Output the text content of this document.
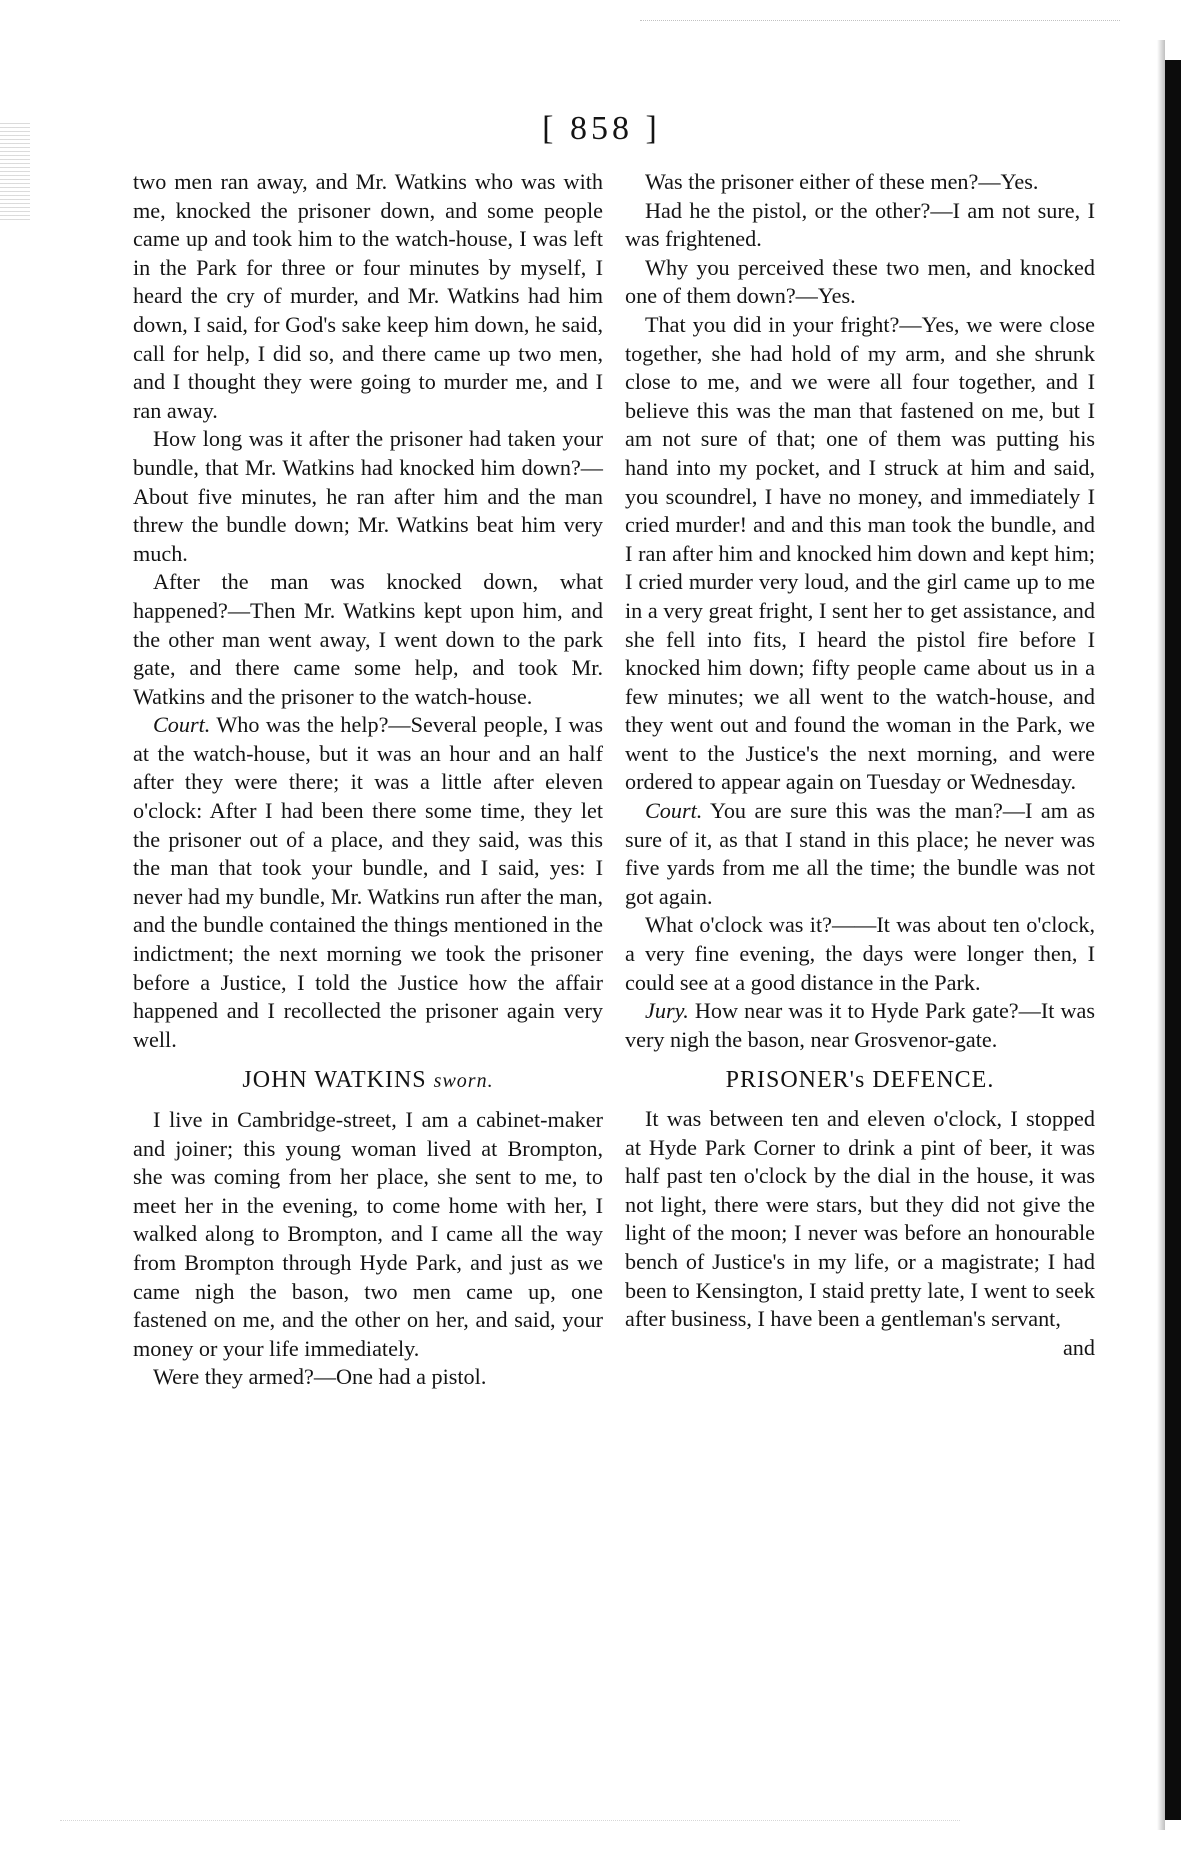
[ 858 ]

two men ran away, and Mr. Watkins who was with me, knocked the prisoner down, and some people came up and took him to the watch-house, I was left in the Park for three or four minutes by myself, I heard the cry of murder, and Mr. Watkins had him down, I said, for God's sake keep him down, he said, call for help, I did so, and there came up two men, and I thought they were going to murder me, and I ran away.

How long was it after the prisoner had taken your bundle, that Mr. Watkins had knocked him down?—About five minutes, he ran after him and the man threw the bundle down; Mr. Watkins beat him very much.

After the man was knocked down, what happened?—Then Mr. Watkins kept upon him, and the other man went away, I went down to the park gate, and there came some help, and took Mr. Watkins and the prisoner to the watch-house.

Court. Who was the help?—Several people, I was at the watch-house, but it was an hour and an half after they were there; it was a little after eleven o'clock: After I had been there some time, they let the prisoner out of a place, and they said, was this the man that took your bundle, and I said, yes: I never had my bundle, Mr. Watkins run after the man, and the bundle contained the things mentioned in the indictment; the next morning we took the prisoner before a Justice, I told the Justice how the affair happened and I recollected the prisoner again very well.

JOHN WATKINS sworn.

I live in Cambridge-street, I am a cabinet-maker and joiner; this young woman lived at Brompton, she was coming from her place, she sent to me, to meet her in the evening, to come home with her, I walked along to Brompton, and I came all the way from Brompton through Hyde Park, and just as we came nigh the bason, two men came up, one fastened on me, and the other on her, and said, your money or your life immediately.

Were they armed?—One had a pistol.

Was the prisoner either of these men?—Yes.

Had he the pistol, or the other?—I am not sure, I was frightened.

Why you perceived these two men, and knocked one of them down?—Yes.

That you did in your fright?—Yes, we were close together, she had hold of my arm, and she shrunk close to me, and we were all four together, and I believe this was the man that fastened on me, but I am not sure of that; one of them was putting his hand into my pocket, and I struck at him and said, you scoundrel, I have no money, and immediately I cried murder! and and this man took the bundle, and I ran after him and knocked him down and kept him; I cried murder very loud, and the girl came up to me in a very great fright, I sent her to get assistance, and she fell into fits, I heard the pistol fire before I knocked him down; fifty people came about us in a few minutes; we all went to the watch-house, and they went out and found the woman in the Park, we went to the Justice's the next morning, and were ordered to appear again on Tuesday or Wednesday.

Court. You are sure this was the man?—I am as sure of it, as that I stand in this place; he never was five yards from me all the time; the bundle was not got again.

What o'clock was it?——It was about ten o'clock, a very fine evening, the days were longer then, I could see at a good distance in the Park.

Jury. How near was it to Hyde Park gate?—It was very nigh the bason, near Grosvenor-gate.

PRISONER's DEFENCE.

It was between ten and eleven o'clock, I stopped at Hyde Park Corner to drink a pint of beer, it was half past ten o'clock by the dial in the house, it was not light, there were stars, but they did not give the light of the moon; I never was before an honourable bench of Justice's in my life, or a magistrate; I had been to Kensington, I staid pretty late, I went to seek after business, I have been a gentleman's servant,

and
